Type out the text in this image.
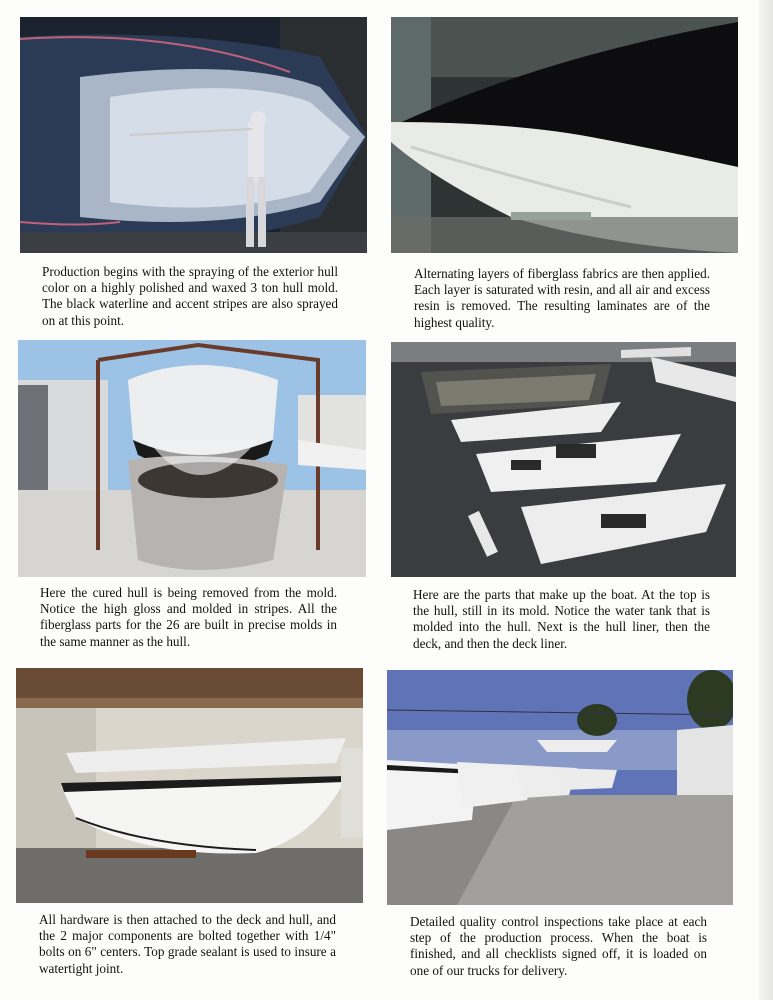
Production begins with the spraying of the exterior hull color on a highly polished and waxed 3 ton hull mold. The black waterline and accent stripes are also sprayed on at this point.

Alternating layers of fiberglass fabrics are then applied. Each layer is saturated with resin, and all air and excess resin is removed. The resulting laminates are of the highest quality.

Here the cured hull is being removed from the mold. Notice the high gloss and molded in stripes. All the fiberglass parts for the 26 are built in precise molds in the same manner as the hull.

Here are the parts that make up the boat. At the top is the hull, still in its mold. Notice the water tank that is molded into the hull. Next is the hull liner, then the deck, and then the deck liner.

All hardware is then attached to the deck and hull, and the 2 major components are bolted together with 1/4" bolts on 6" centers. Top grade sealant is used to insure a watertight joint.

Detailed quality control inspections take place at each step of the production process. When the boat is finished, and all checklists signed off, it is loaded on one of our trucks for delivery.
